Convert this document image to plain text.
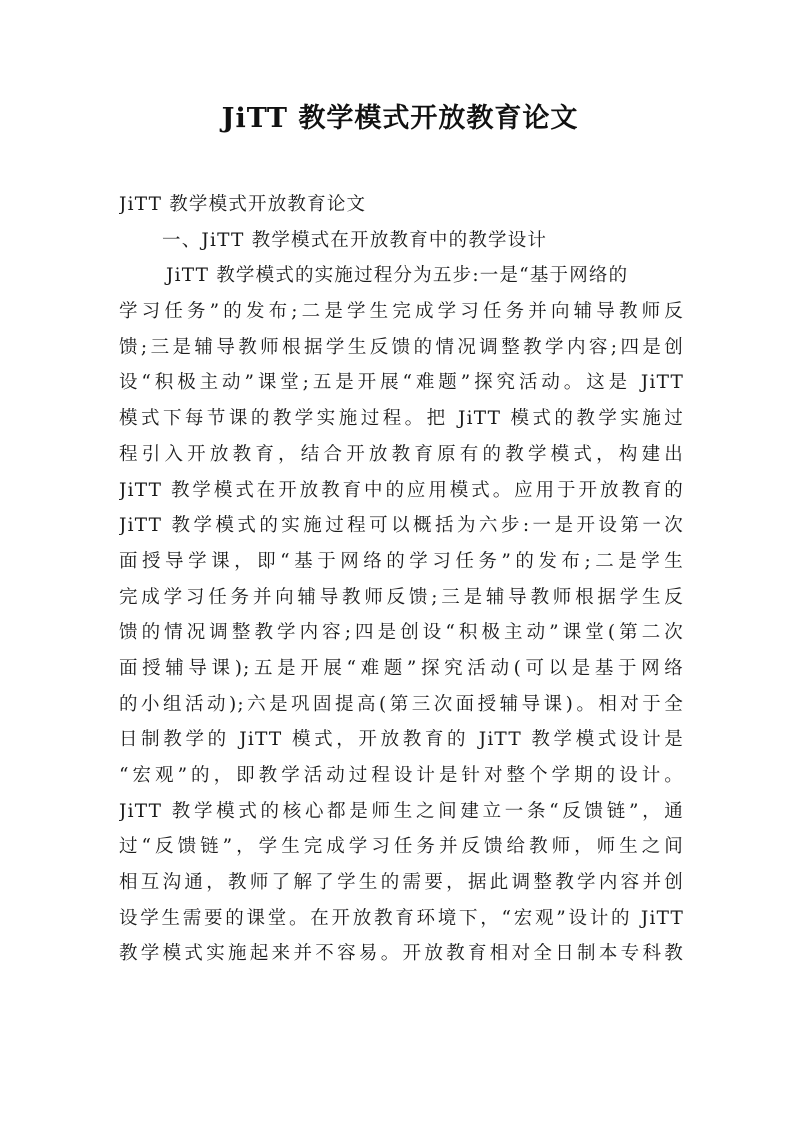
JiTT 教学模式开放教育论文
JiTT 教学模式开放教育论文
一、JiTT 教学模式在开放教育中的教学设计
JiTT 教学模式的实施过程分为五步:一是“基于网络的
学习任务”的发布;二是学生完成学习任务并向辅导教师反
馈;三是辅导教师根据学生反馈的情况调整教学内容;四是创
设“积极主动”课堂;五是开展“难题”探究活动。这是 JiTT
模式下每节课的教学实施过程。把 JiTT 模式的教学实施过
程引入开放教育，结合开放教育原有的教学模式，构建出
JiTT 教学模式在开放教育中的应用模式。应用于开放教育的
JiTT 教学模式的实施过程可以概括为六步:一是开设第一次
面授导学课，即“基于网络的学习任务”的发布;二是学生
完成学习任务并向辅导教师反馈;三是辅导教师根据学生反
馈的情况调整教学内容;四是创设“积极主动”课堂(第二次
面授辅导课);五是开展“难题”探究活动(可以是基于网络
的小组活动);六是巩固提高(第三次面授辅导课)。相对于全
日制教学的 JiTT 模式，开放教育的 JiTT 教学模式设计是
“宏观”的，即教学活动过程设计是针对整个学期的设计。
JiTT 教学模式的核心都是师生之间建立一条“反馈链”，通
过“反馈链”，学生完成学习任务并反馈给教师，师生之间
相互沟通，教师了解了学生的需要，据此调整教学内容并创
设学生需要的课堂。在开放教育环境下，“宏观”设计的 JiTT
教学模式实施起来并不容易。开放教育相对全日制本专科教
